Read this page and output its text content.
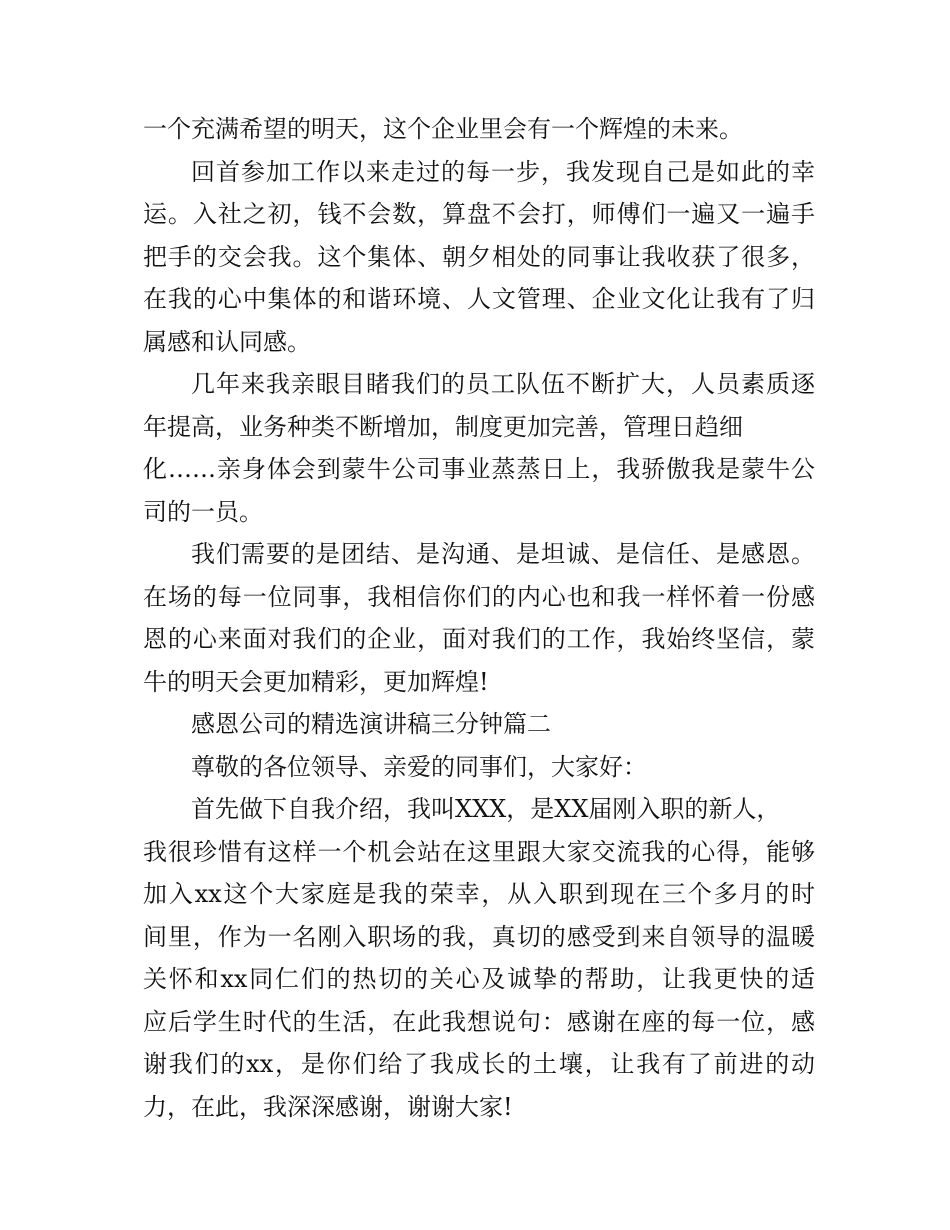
一个充满希望的明天，这个企业里会有一个辉煌的未来。
回首参加工作以来走过的每一步，我发现自己是如此的幸
运。入社之初，钱不会数，算盘不会打，师傅们一遍又一遍手
把手的交会我。这个集体、朝夕相处的同事让我收获了很多，
在我的心中集体的和谐环境、人文管理、企业文化让我有了归
属感和认同感。
几年来我亲眼目睹我们的员工队伍不断扩大，人员素质逐
年提高，业务种类不断增加，制度更加完善，管理日趋细
化……亲身体会到蒙牛公司事业蒸蒸日上，我骄傲我是蒙牛公
司的一员。
我们需要的是团结、是沟通、是坦诚、是信任、是感恩。
在场的每一位同事，我相信你们的内心也和我一样怀着一份感
恩的心来面对我们的企业，面对我们的工作，我始终坚信，蒙
牛的明天会更加精彩，更加辉煌!
感恩公司的精选演讲稿三分钟篇二
尊敬的各位领导、亲爱的同事们，大家好：
首先做下自我介绍，我叫XXX，是XX届刚入职的新人，
我很珍惜有这样一个机会站在这里跟大家交流我的心得，能够
加入xx这个大家庭是我的荣幸，从入职到现在三个多月的时
间里，作为一名刚入职场的我，真切的感受到来自领导的温暖
关怀和xx同仁们的热切的关心及诚挚的帮助，让我更快的适
应后学生时代的生活，在此我想说句：感谢在座的每一位，感
谢我们的xx，是你们给了我成长的土壤，让我有了前进的动
力，在此，我深深感谢，谢谢大家!
